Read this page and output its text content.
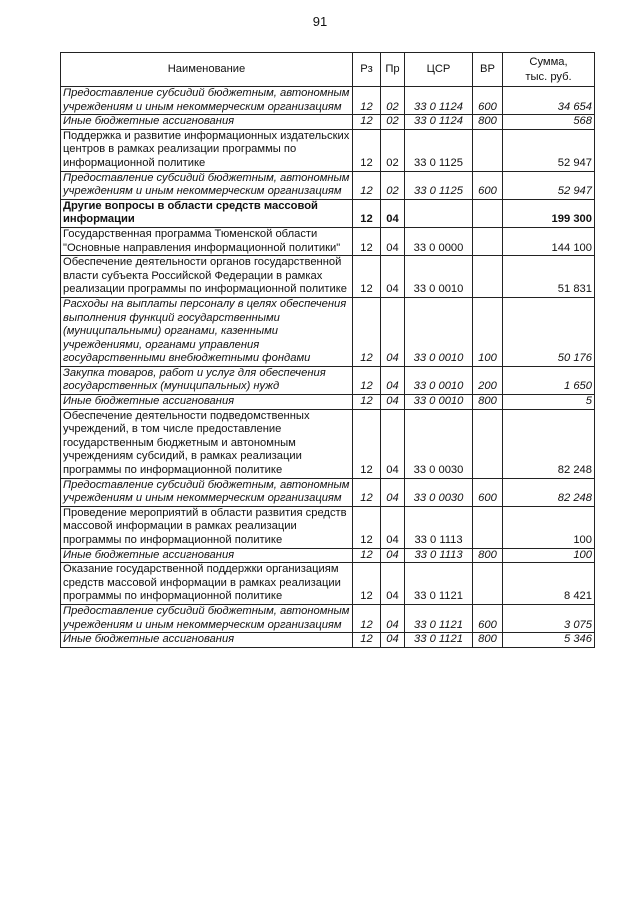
91
Наименование	Рз	Пр	ЦСР	ВР	Сумма,
тыс. руб.
Предоставление субсидий бюджетным, автономным учреждениям и иным некоммерческим организациям	12	02	33 0 1124	600	34 654
Иные бюджетные ассигнования	12	02	33 0 1124	800	568
Поддержка и развитие информационных издательских центров в рамках реализации программы по информационной политике	12	02	33 0 1125		52 947
Предоставление субсидий бюджетным, автономным учреждениям и иным некоммерческим организациям	12	02	33 0 1125	600	52 947
Другие вопросы в области средств массовой информации	12	04			199 300
Государственная программа Тюменской области "Основные направления информационной политики"	12	04	33 0 0000		144 100
Обеспечение деятельности органов государственной власти субъекта Российской Федерации в рамках реализации программы по информационной политике	12	04	33 0 0010		51 831
Расходы на выплаты персоналу в целях обеспечения выполнения функций государственными (муниципальными) органами, казенными учреждениями, органами управления государственными внебюджетными фондами	12	04	33 0 0010	100	50 176
Закупка товаров, работ и услуг для обеспечения государственных (муниципальных) нужд	12	04	33 0 0010	200	1 650
Иные бюджетные ассигнования	12	04	33 0 0010	800	5
Обеспечение деятельности подведомственных учреждений, в том числе предоставление государственным бюджетным и автономным учреждениям субсидий, в рамках реализации программы по информационной политике	12	04	33 0 0030		82 248
Предоставление субсидий бюджетным, автономным учреждениям и иным некоммерческим организациям	12	04	33 0 0030	600	82 248
Проведение мероприятий в области развития средств массовой информации в рамках реализации программы по информационной политике	12	04	33 0 1113		100
Иные бюджетные ассигнования	12	04	33 0 1113	800	100
Оказание государственной поддержки организациям средств массовой информации в рамках реализации программы по информационной политике	12	04	33 0 1121		8 421
Предоставление субсидий бюджетным, автономным учреждениям и иным некоммерческим организациям	12	04	33 0 1121	600	3 075
Иные бюджетные ассигнования	12	04	33 0 1121	800	5 346
